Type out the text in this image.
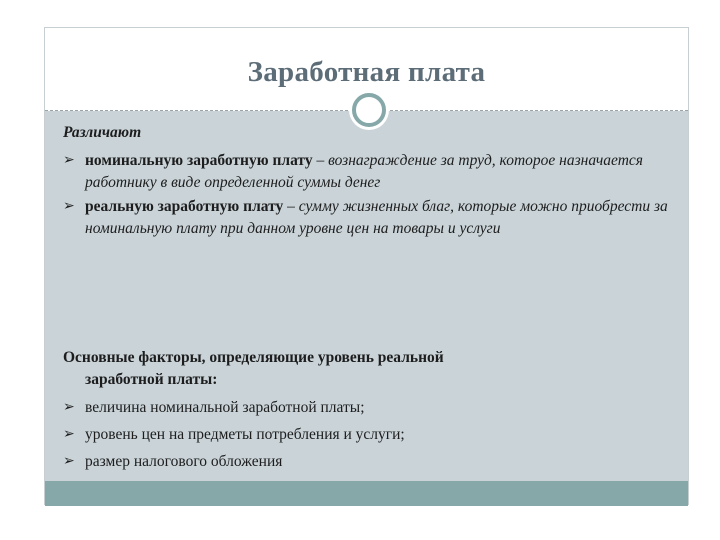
Заработная плата
Различают
➢ номинальную заработную плату – вознаграждение за труд, которое назначается работнику в виде определенной суммы денег
➢ реальную заработную плату – сумму жизненных благ, которые можно приобрести за номинальную плату при данном уровне цен на товары и услуги
Основные факторы, определяющие уровень реальной
заработной платы:
➢ величина номинальной заработной платы;
➢ уровень цен на предметы потребления и услуги;
➢ размер налогового обложения
